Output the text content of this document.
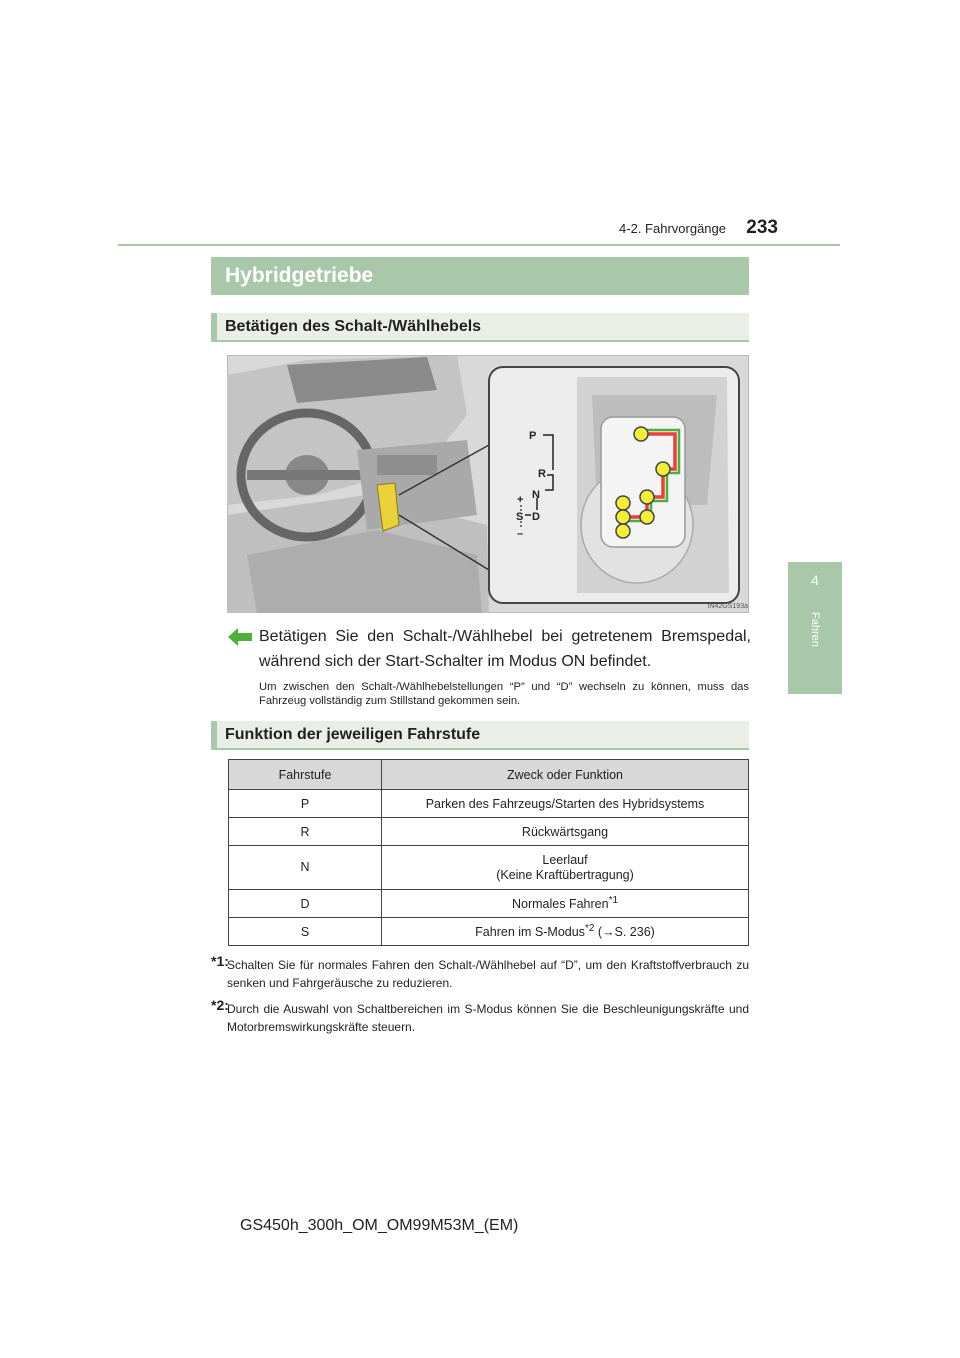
233
4-2. Fahrvorgänge
4
Fahren
Hybridgetriebe
Betätigen des Schalt-/Wählhebels
P
R
N
D
S
+
–
IN42GS193a
Betätigen Sie den Schalt-/Wählhebel bei getretenem Bremspedal, während sich der Start-Schalter im Modus ON befindet.
Um zwischen den Schalt-/Wählhebelstellungen “P” und “D” wechseln zu können, muss das Fahrzeug vollständig zum Stillstand gekommen sein.
Funktion der jeweiligen Fahrstufe
Fahrstufe	Zweck oder Funktion
P	Parken des Fahrzeugs/Starten des Hybridsystems
R	Rückwärtsgang
N	Leerlauf
(Keine Kraftübertragung)
D	Normales Fahren$^{*1}$
S	Fahren im S-Modus$^{*2}$ (→S. 236)
*1:
Schalten Sie für normales Fahren den Schalt-/Wählhebel auf “D”, um den Kraftstoffverbrauch zu senken und Fahrgeräusche zu reduzieren.
*2:
Durch die Auswahl von Schaltbereichen im S-Modus können Sie die Beschleunigungskräfte und Motorbremswirkungskräfte steuern.
GS450h_300h_OM_OM99M53M_(EM)
